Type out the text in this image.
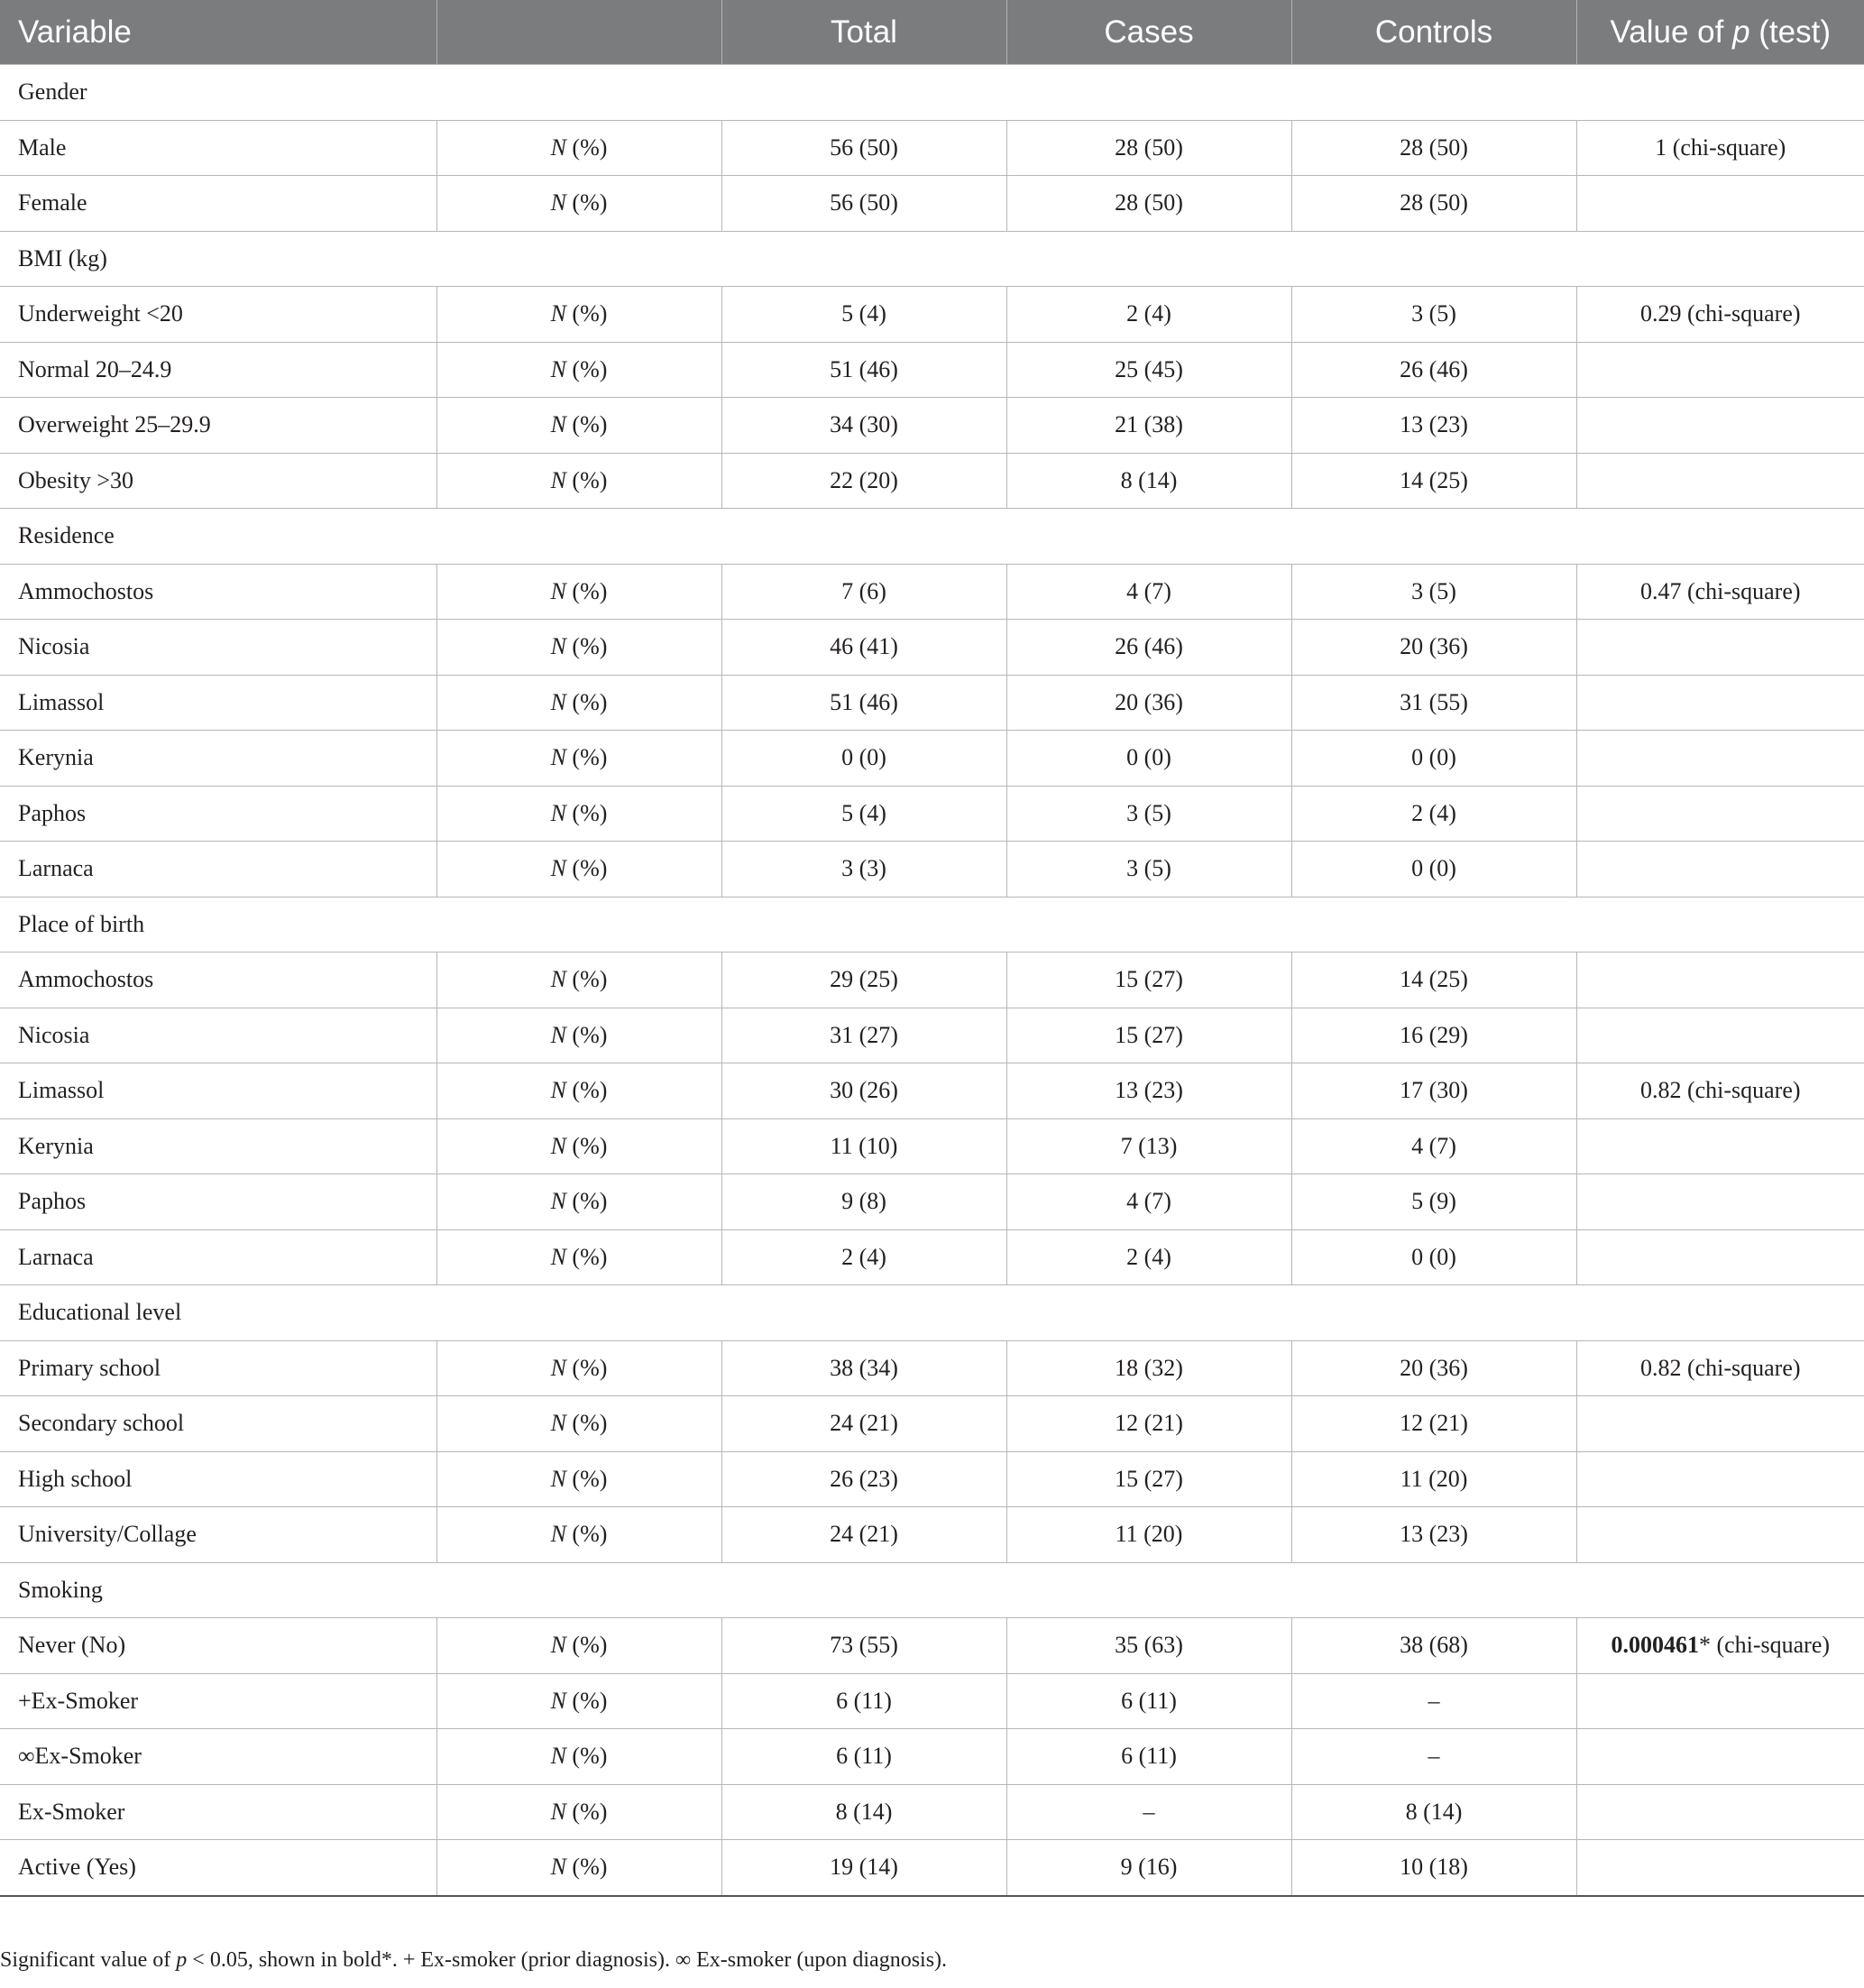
Variable		Total	Cases	Controls	Value of p (test)
Gender					
Male	N (%)	56 (50)	28 (50)	28 (50)	1 (chi-square)
Female	N (%)	56 (50)	28 (50)	28 (50)	
BMI (kg)					
Underweight <20	N (%)	5 (4)	2 (4)	3 (5)	0.29 (chi-square)
Normal 20–24.9	N (%)	51 (46)	25 (45)	26 (46)	
Overweight 25–29.9	N (%)	34 (30)	21 (38)	13 (23)	
Obesity >30	N (%)	22 (20)	8 (14)	14 (25)	
Residence					
Ammochostos	N (%)	7 (6)	4 (7)	3 (5)	0.47 (chi-square)
Nicosia	N (%)	46 (41)	26 (46)	20 (36)	
Limassol	N (%)	51 (46)	20 (36)	31 (55)	
Kerynia	N (%)	0 (0)	0 (0)	0 (0)	
Paphos	N (%)	5 (4)	3 (5)	2 (4)	
Larnaca	N (%)	3 (3)	3 (5)	0 (0)	
Place of birth					
Ammochostos	N (%)	29 (25)	15 (27)	14 (25)	
Nicosia	N (%)	31 (27)	15 (27)	16 (29)	
Limassol	N (%)	30 (26)	13 (23)	17 (30)	0.82 (chi-square)
Kerynia	N (%)	11 (10)	7 (13)	4 (7)	
Paphos	N (%)	9 (8)	4 (7)	5 (9)	
Larnaca	N (%)	2 (4)	2 (4)	0 (0)	
Educational level					
Primary school	N (%)	38 (34)	18 (32)	20 (36)	0.82 (chi-square)
Secondary school	N (%)	24 (21)	12 (21)	12 (21)	
High school	N (%)	26 (23)	15 (27)	11 (20)	
University/Collage	N (%)	24 (21)	11 (20)	13 (23)	
Smoking					
Never (No)	N (%)	73 (55)	35 (63)	38 (68)	0.000461* (chi-square)
+Ex-Smoker	N (%)	6 (11)	6 (11)	–	
∞Ex-Smoker	N (%)	6 (11)	6 (11)	–	
Ex-Smoker	N (%)	8 (14)	–	8 (14)	
Active (Yes)	N (%)	19 (14)	9 (16)	10 (18)	
Significant value of p < 0.05, shown in bold*. + Ex-smoker (prior diagnosis). ∞ Ex-smoker (upon diagnosis).
